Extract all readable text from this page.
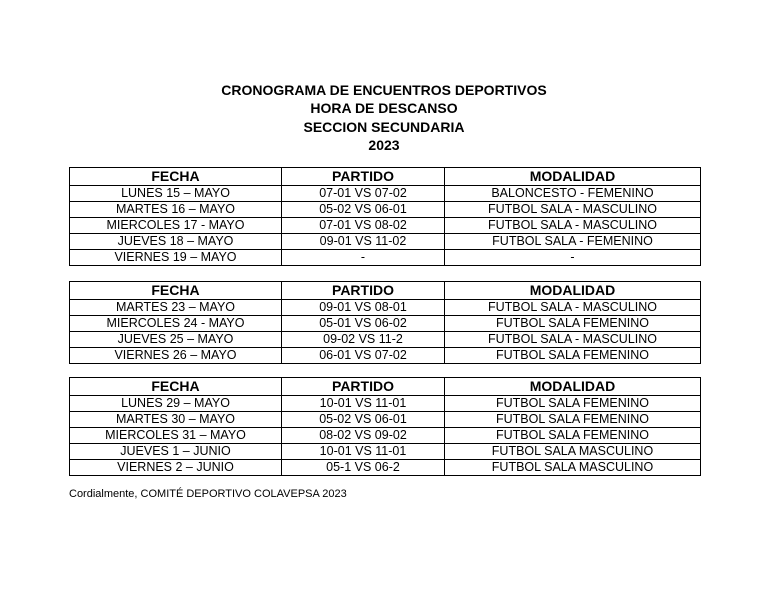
CRONOGRAMA DE ENCUENTROS DEPORTIVOS
HORA DE DESCANSO
SECCION SECUNDARIA
2023
FECHA	PARTIDO	MODALIDAD
LUNES 15 – MAYO	07-01 VS 07-02	BALONCESTO - FEMENINO
MARTES 16 – MAYO	05-02 VS 06-01	FUTBOL SALA - MASCULINO
MIERCOLES 17 - MAYO	07-01 VS 08-02	FUTBOL SALA - MASCULINO
JUEVES 18 – MAYO	09-01 VS 11-02	FUTBOL SALA - FEMENINO
VIERNES 19 – MAYO	-	-
FECHA	PARTIDO	MODALIDAD
MARTES 23 – MAYO	09-01 VS 08-01	FUTBOL SALA - MASCULINO
MIERCOLES 24 - MAYO	05-01 VS 06-02	FUTBOL SALA FEMENINO
JUEVES 25 – MAYO	09-02 VS 11-2	FUTBOL SALA - MASCULINO
VIERNES 26 – MAYO	06-01 VS 07-02	FUTBOL SALA FEMENINO
FECHA	PARTIDO	MODALIDAD
LUNES 29 – MAYO	10-01 VS 11-01	FUTBOL SALA FEMENINO
MARTES 30 – MAYO	05-02 VS 06-01	FUTBOL SALA FEMENINO
MIERCOLES 31 – MAYO	08-02 VS 09-02	FUTBOL SALA FEMENINO
JUEVES 1 – JUNIO	10-01 VS 11-01	FUTBOL SALA MASCULINO
VIERNES 2 – JUNIO	05-1 VS 06-2	FUTBOL SALA MASCULINO
Cordialmente, COMITÉ DEPORTIVO COLAVEPSA 2023
